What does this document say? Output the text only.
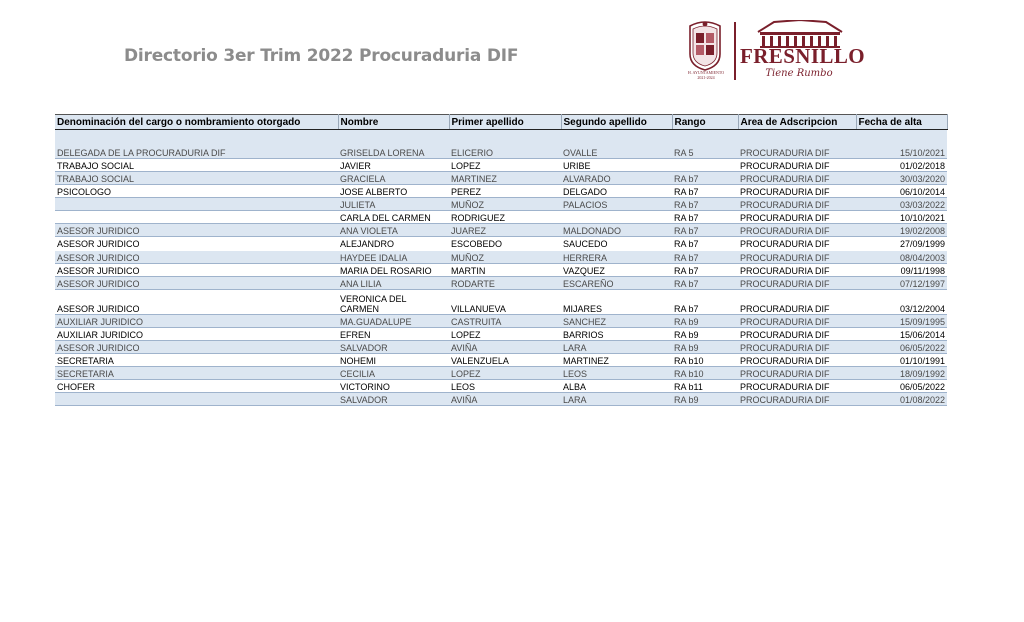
Directorio 3er Trim 2022 Procuraduria DIF
H. AYUNTAMIENTO
2021-2024
FRESNILLO
Tiene Rumbo
Denominación del cargo o nombramiento otorgado	Nombre	Primer apellido	Segundo apellido	Rango	Area de Adscripcion	Fecha de alta
DELEGADA DE LA PROCURADURIA DIF	GRISELDA LORENA	ELICERIO	OVALLE	RA 5	PROCURADURIA DIF	15/10/2021
TRABAJO SOCIAL	JAVIER	LOPEZ	URIBE		PROCURADURIA DIF	01/02/2018
TRABAJO SOCIAL	GRACIELA	MARTINEZ	ALVARADO	RA b7	PROCURADURIA DIF	30/03/2020
PSICOLOGO	JOSE ALBERTO	PEREZ	DELGADO	RA b7	PROCURADURIA DIF	06/10/2014
	JULIETA	MUÑOZ	PALACIOS	RA b7	PROCURADURIA DIF	03/03/2022
	CARLA DEL CARMEN	RODRIGUEZ		RA b7	PROCURADURIA DIF	10/10/2021
ASESOR JURIDICO	ANA VIOLETA	JUAREZ	MALDONADO	RA b7	PROCURADURIA DIF	19/02/2008
ASESOR JURIDICO	ALEJANDRO	ESCOBEDO	SAUCEDO	RA b7	PROCURADURIA DIF	27/09/1999
ASESOR JURIDICO	HAYDEE IDALIA	MUÑOZ	HERRERA	RA b7	PROCURADURIA DIF	08/04/2003
ASESOR JURIDICO	MARIA DEL ROSARIO	MARTIN	VAZQUEZ	RA b7	PROCURADURIA DIF	09/11/1998
ASESOR JURIDICO	ANA LILIA	RODARTE	ESCAREÑO	RA b7	PROCURADURIA DIF	07/12/1997
ASESOR JURIDICO	VERONICA DEL CARMEN	VILLANUEVA	MIJARES	RA b7	PROCURADURIA DIF	03/12/2004
AUXILIAR JURIDICO	MA.GUADALUPE	CASTRUITA	SANCHEZ	RA b9	PROCURADURIA DIF	15/09/1995
AUXILIAR JURIDICO	EFREN	LOPEZ	BARRIOS	RA b9	PROCURADURIA DIF	15/06/2014
ASESOR JURIDICO	SALVADOR	AVIÑA	LARA	RA b9	PROCURADURIA DIF	06/05/2022
SECRETARIA	NOHEMI	VALENZUELA	MARTINEZ	RA b10	PROCURADURIA DIF	01/10/1991
SECRETARIA	CECILIA	LOPEZ	LEOS	RA b10	PROCURADURIA DIF	18/09/1992
CHOFER	VICTORINO	LEOS	ALBA	RA b11	PROCURADURIA DIF	06/05/2022
	SALVADOR	AVIÑA	LARA	RA b9	PROCURADURIA DIF	01/08/2022
